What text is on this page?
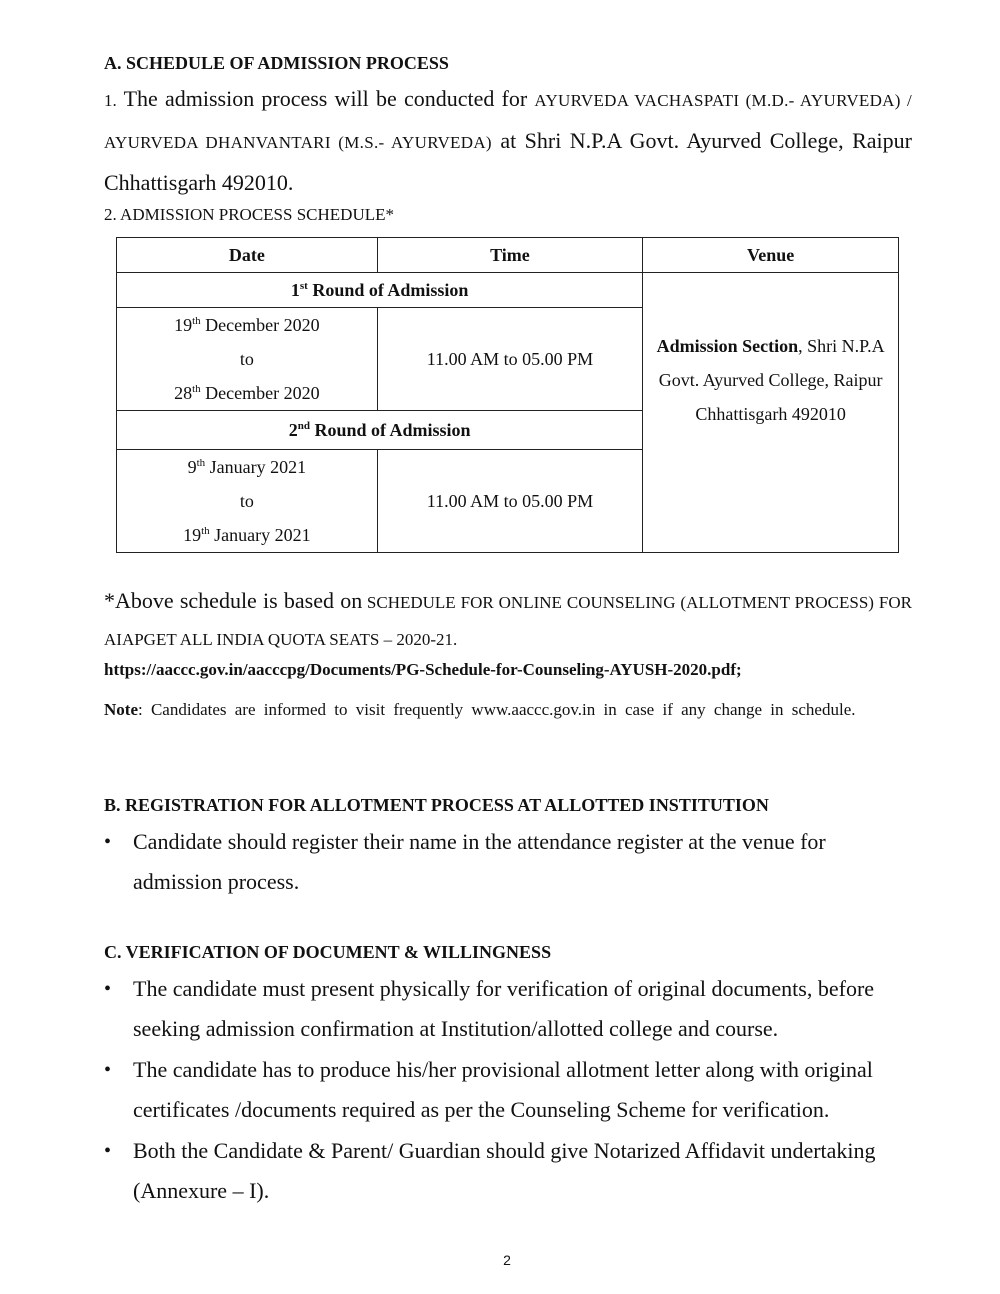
A. SCHEDULE OF ADMISSION PROCESS
1. The admission process will be conducted for AYURVEDA VACHASPATI (M.D.- AYURVEDA) / AYURVEDA DHANVANTARI (M.S.- AYURVEDA) at Shri N.P.A Govt. Ayurved College, Raipur Chhattisgarh 492010.
2. ADMISSION PROCESS SCHEDULE*
Date	Time	Venue
1st Round of Admission		Admission Section, Shri N.P.A Govt. Ayurved College, Raipur Chhattisgarh 492010

19th December 2020
to
28th December 2020	11.00 AM to 05.00 PM	
2nd Round of Admission		

9th January 2021
to
19th January 2021	11.00 AM to 05.00 PM	
*Above schedule is based on SCHEDULE FOR ONLINE COUNSELING (ALLOTMENT PROCESS) FOR AIAPGET ALL INDIA QUOTA SEATS – 2020-21.
https://aaccc.gov.in/aacccpg/Documents/PG-Schedule-for-Counseling-AYUSH-2020.pdf;
Note: Candidates are informed to visit frequently www.aaccc.gov.in in case if any change in schedule.
B. REGISTRATION FOR ALLOTMENT PROCESS AT ALLOTTED INSTITUTION
• Candidate should register their name in the attendance register at the venue for admission process.
C. VERIFICATION OF DOCUMENT & WILLINGNESS
• The candidate must present physically for verification of original documents, before seeking admission confirmation at Institution/allotted college and course.
• The candidate has to produce his/her provisional allotment letter along with original certificates /documents required as per the Counseling Scheme for verification.
• Both the Candidate & Parent/ Guardian should give Notarized Affidavit undertaking (Annexure – I).
2
